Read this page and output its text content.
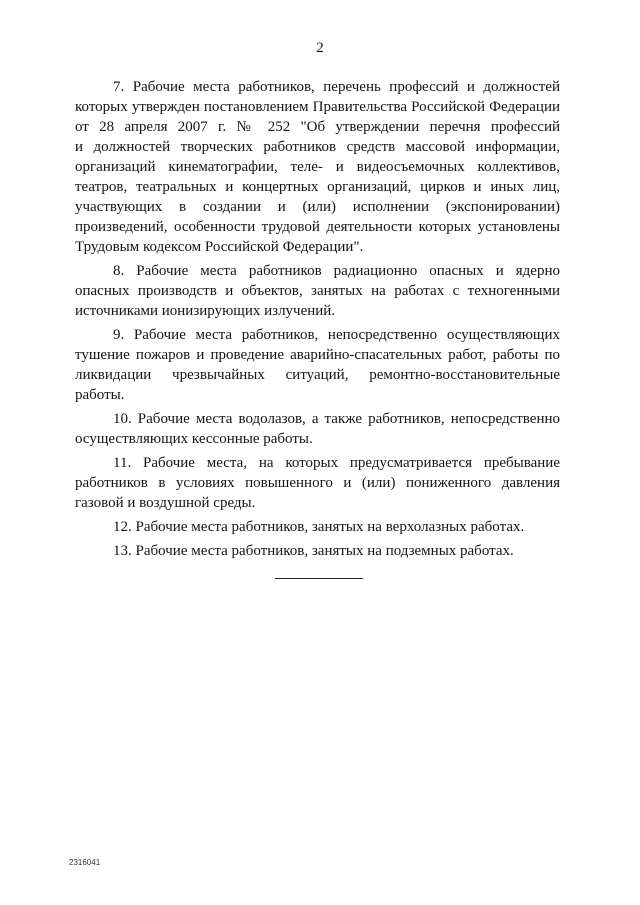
2

7. Рабочие места работников, перечень профессий и должностей
которых утвержден постановлением Правительства Российской Федерации
от 28 апреля 2007 г. № 252 "Об утверждении перечня профессий
и должностей творческих работников средств массовой информации,
организаций кинематографии, теле- и видеосъемочных коллективов,
театров, театральных и концертных организаций, цирков и иных лиц,
участвующих в создании и (или) исполнении (экспонировании)
произведений, особенности трудовой деятельности которых установлены
Трудовым кодексом Российской Федерации".

8. Рабочие места работников радиационно опасных и ядерно
опасных производств и объектов, занятых на работах с техногенными
источниками ионизирующих излучений.

9. Рабочие места работников, непосредственно осуществляющих
тушение пожаров и проведение аварийно-спасательных работ, работы по
ликвидации чрезвычайных ситуаций, ремонтно-восстановительные
работы.

10. Рабочие места водолазов, а также работников, непосредственно
осуществляющих кессонные работы.

11. Рабочие места, на которых предусматривается пребывание
работников в условиях повышенного и (или) пониженного давления
газовой и воздушной среды.

12. Рабочие места работников, занятых на верхолазных работах.

13. Рабочие места работников, занятых на подземных работах.

2316041
